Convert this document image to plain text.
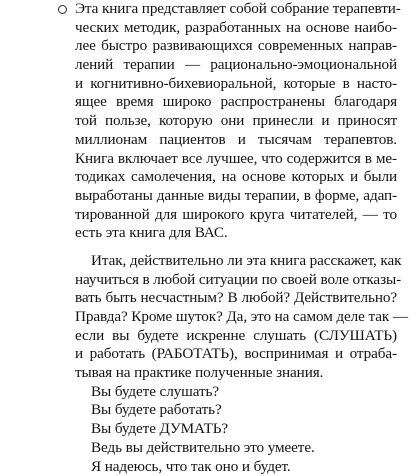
Эта книга представляет собой собрание терапевти-
ческих методик, разработанных на основе наибо-
лее быстро развивающихся современных направ-
лений терапии — рационально-эмоциональной
и когнитивно-бихевиоральной, которые в насто-
ящее время широко распространены благодаря
той пользе, которую они принесли и приносят
миллионам пациентов и тысячам терапевтов.
Книга включает все лучшее, что содержится в ме-
тодиках самолечения, на основе которых и были
выработаны данные виды терапии, в форме, адап-
тированной для широкого круга читателей, — то
есть эта книга для ВАС.
Итак, действительно ли эта книга расскажет, как
научиться в любой ситуации по своей воле отказы-
вать быть несчастным? В любой? Действительно?
Правда? Кроме шуток? Да, это на самом деле так —
если вы будете искренне слушать (СЛУШАТЬ)
и работать (РАБОТАТЬ), воспринимая и отраба-
тывая на практике полученные знания.
Вы будете слушать?
Вы будете работать?
Вы будете ДУМАТЬ?
Ведь вы действительно это умеете.
Я надеюсь, что так оно и будет.
